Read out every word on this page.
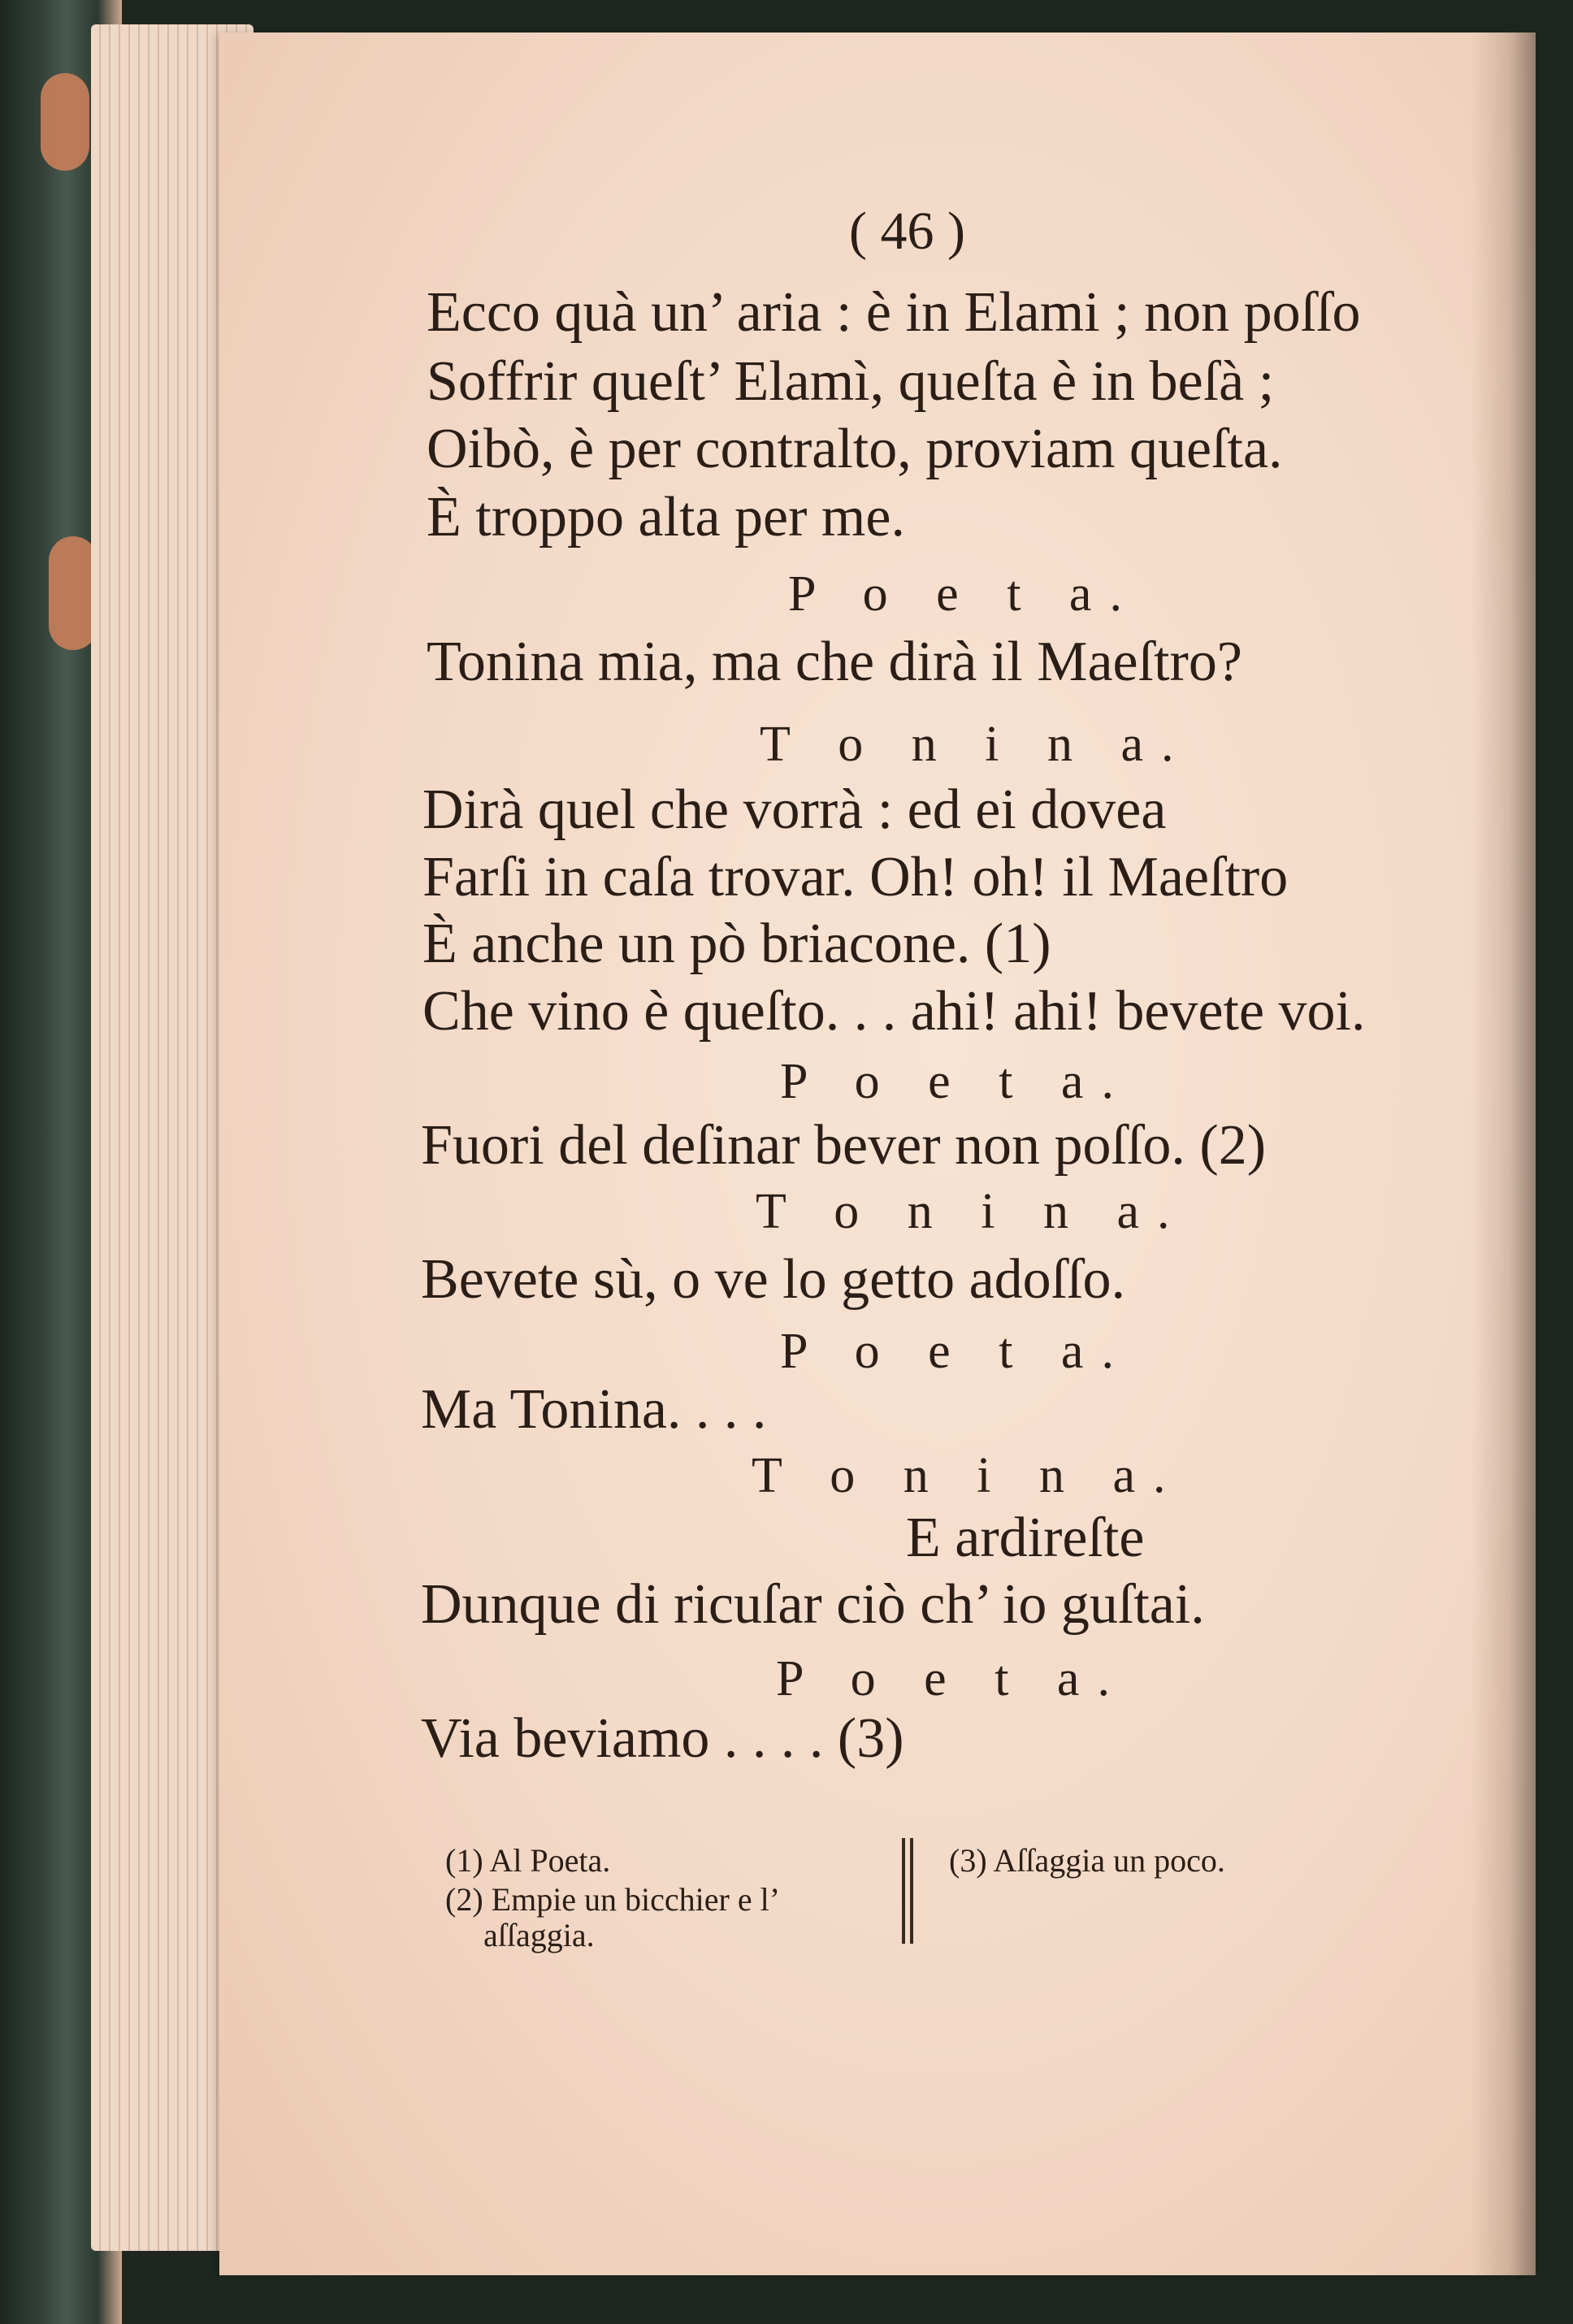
( 46 )
Ecco quà un’ aria : è in Elami ; non poſſo
Soffrir queſt’ Elamì, queſta è in beſà ;
Oibò, è per contralto, proviam queſta.
È troppo alta per me.
P o e t a.
Tonina mia, ma che dirà il Maeſtro?
T o n i n a.
Dirà quel che vorrà : ed ei dovea
Farſi in caſa trovar. Oh! oh! il Maeſtro
È anche un pò briacone. (1)
Che vino è queſto. . . ahi! ahi! bevete voi.
P o e t a.
Fuori del deſinar bever non poſſo. (2)
T o n i n a.
Bevete sù, o ve lo getto adoſſo.
P o e t a.
Ma Tonina. . . .
T o n i n a.
E ardireſte
Dunque di ricuſar ciò ch’ io guſtai.
P o e t a.
Via beviamo . . . . (3)
(1) Al Poeta.
(2) Empie un bicchier e l’
aſſaggia.
(3) Aſſaggia un poco.
